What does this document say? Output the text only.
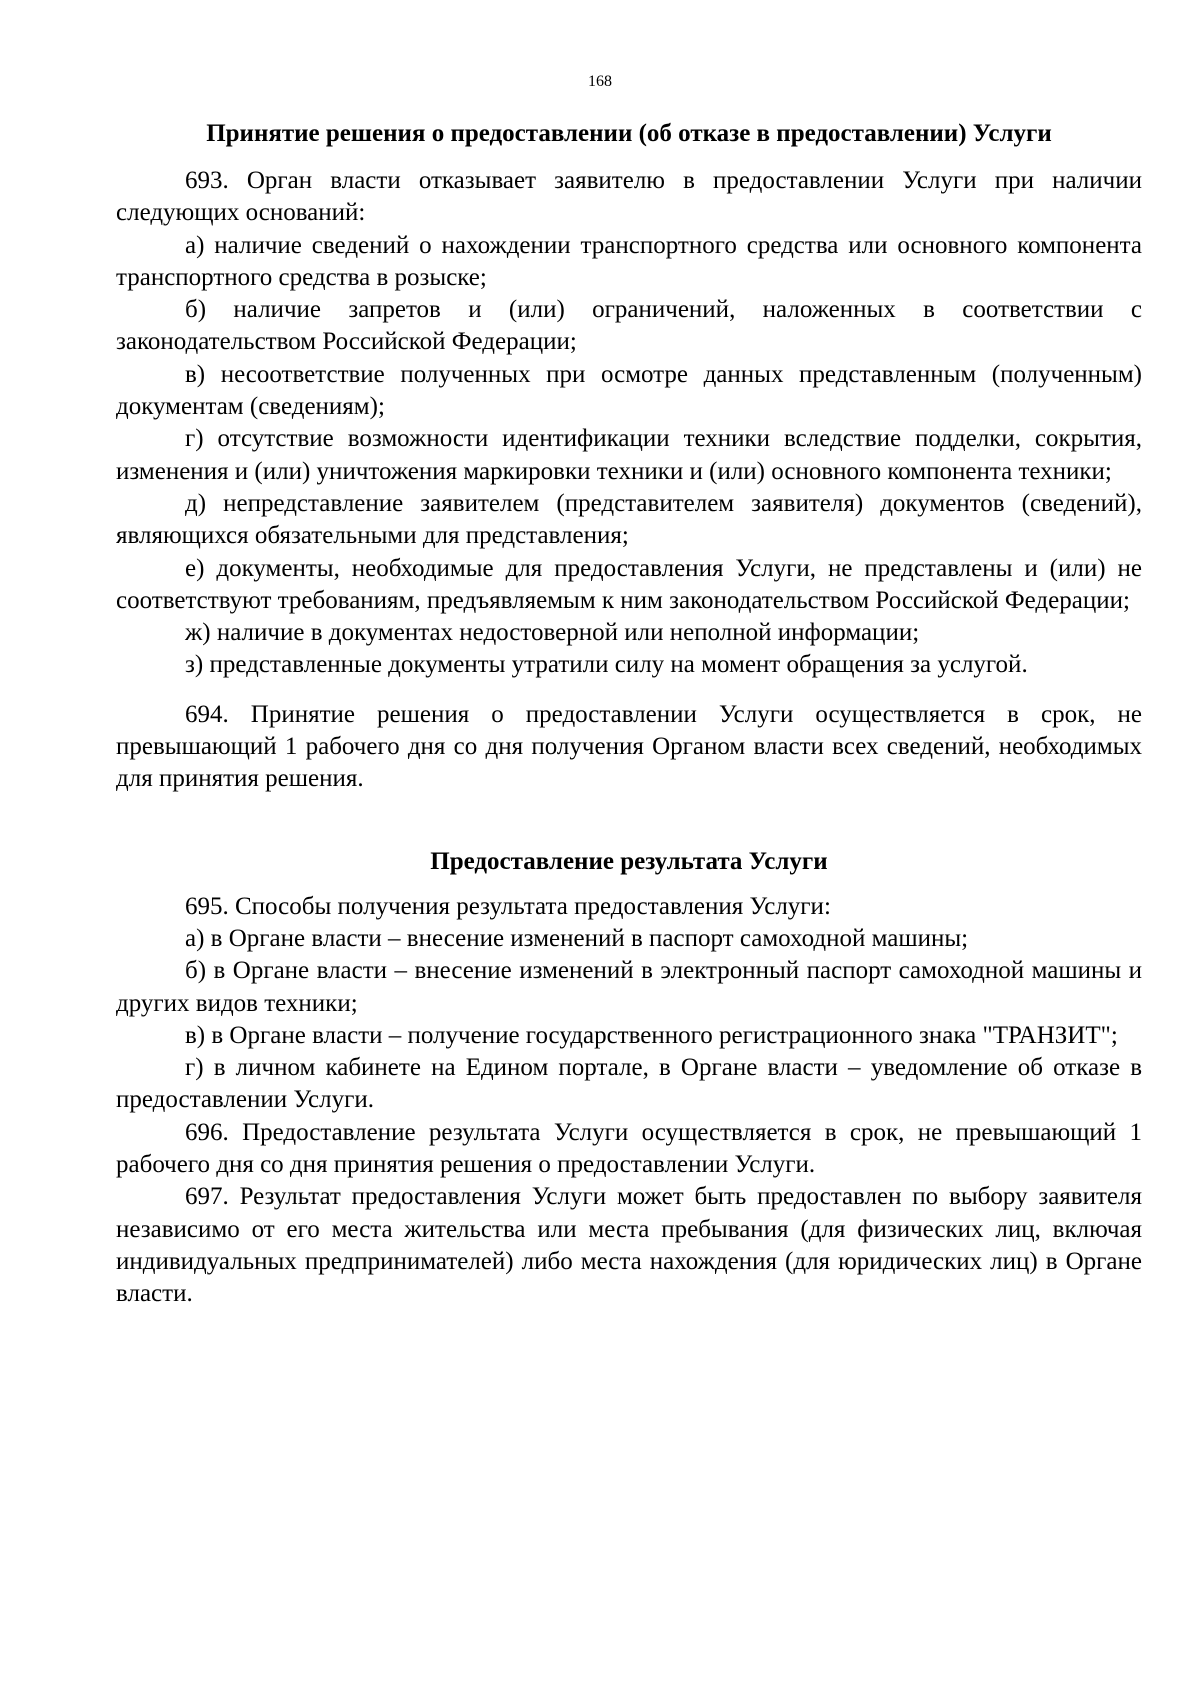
168
Принятие решения о предоставлении (об отказе в предоставлении) Услуги

693. Орган власти отказывает заявителю в предоставлении Услуги при наличии следующих оснований:

а) наличие сведений о нахождении транспортного средства или основного компонента транспортного средства в розыске;

б) наличие запретов и (или) ограничений, наложенных в соответствии с законодательством Российской Федерации;

в) несоответствие полученных при осмотре данных представленным (полученным) документам (сведениям);

г) отсутствие возможности идентификации техники вследствие подделки, сокрытия, изменения и (или) уничтожения маркировки техники и (или) основного компонента техники;

д) непредставление заявителем (представителем заявителя) документов (сведений), являющихся обязательными для представления;

е) документы, необходимые для предоставления Услуги, не представлены и (или) не соответствуют требованиям, предъявляемым к ним законодательством Российской Федерации;

ж) наличие в документах недостоверной или неполной информации;

з) представленные документы утратили силу на момент обращения за услугой.

694. Принятие решения о предоставлении Услуги осуществляется в срок, не превышающий 1 рабочего дня со дня получения Органом власти всех сведений, необходимых для принятия решения.

Предоставление результата Услуги

695. Способы получения результата предоставления Услуги:

а) в Органе власти – внесение изменений в паспорт самоходной машины;

б) в Органе власти – внесение изменений в электронный паспорт самоходной машины и других видов техники;

в) в Органе власти – получение государственного регистрационного знака "ТРАНЗИТ";

г) в личном кабинете на Едином портале, в Органе власти – уведомление об отказе в предоставлении Услуги.

696. Предоставление результата Услуги осуществляется в срок, не превышающий 1 рабочего дня со дня принятия решения о предоставлении Услуги.

697. Результат предоставления Услуги может быть предоставлен по выбору заявителя независимо от его места жительства или места пребывания (для физических лиц, включая индивидуальных предпринимателей) либо места нахождения (для юридических лиц) в Органе власти.
